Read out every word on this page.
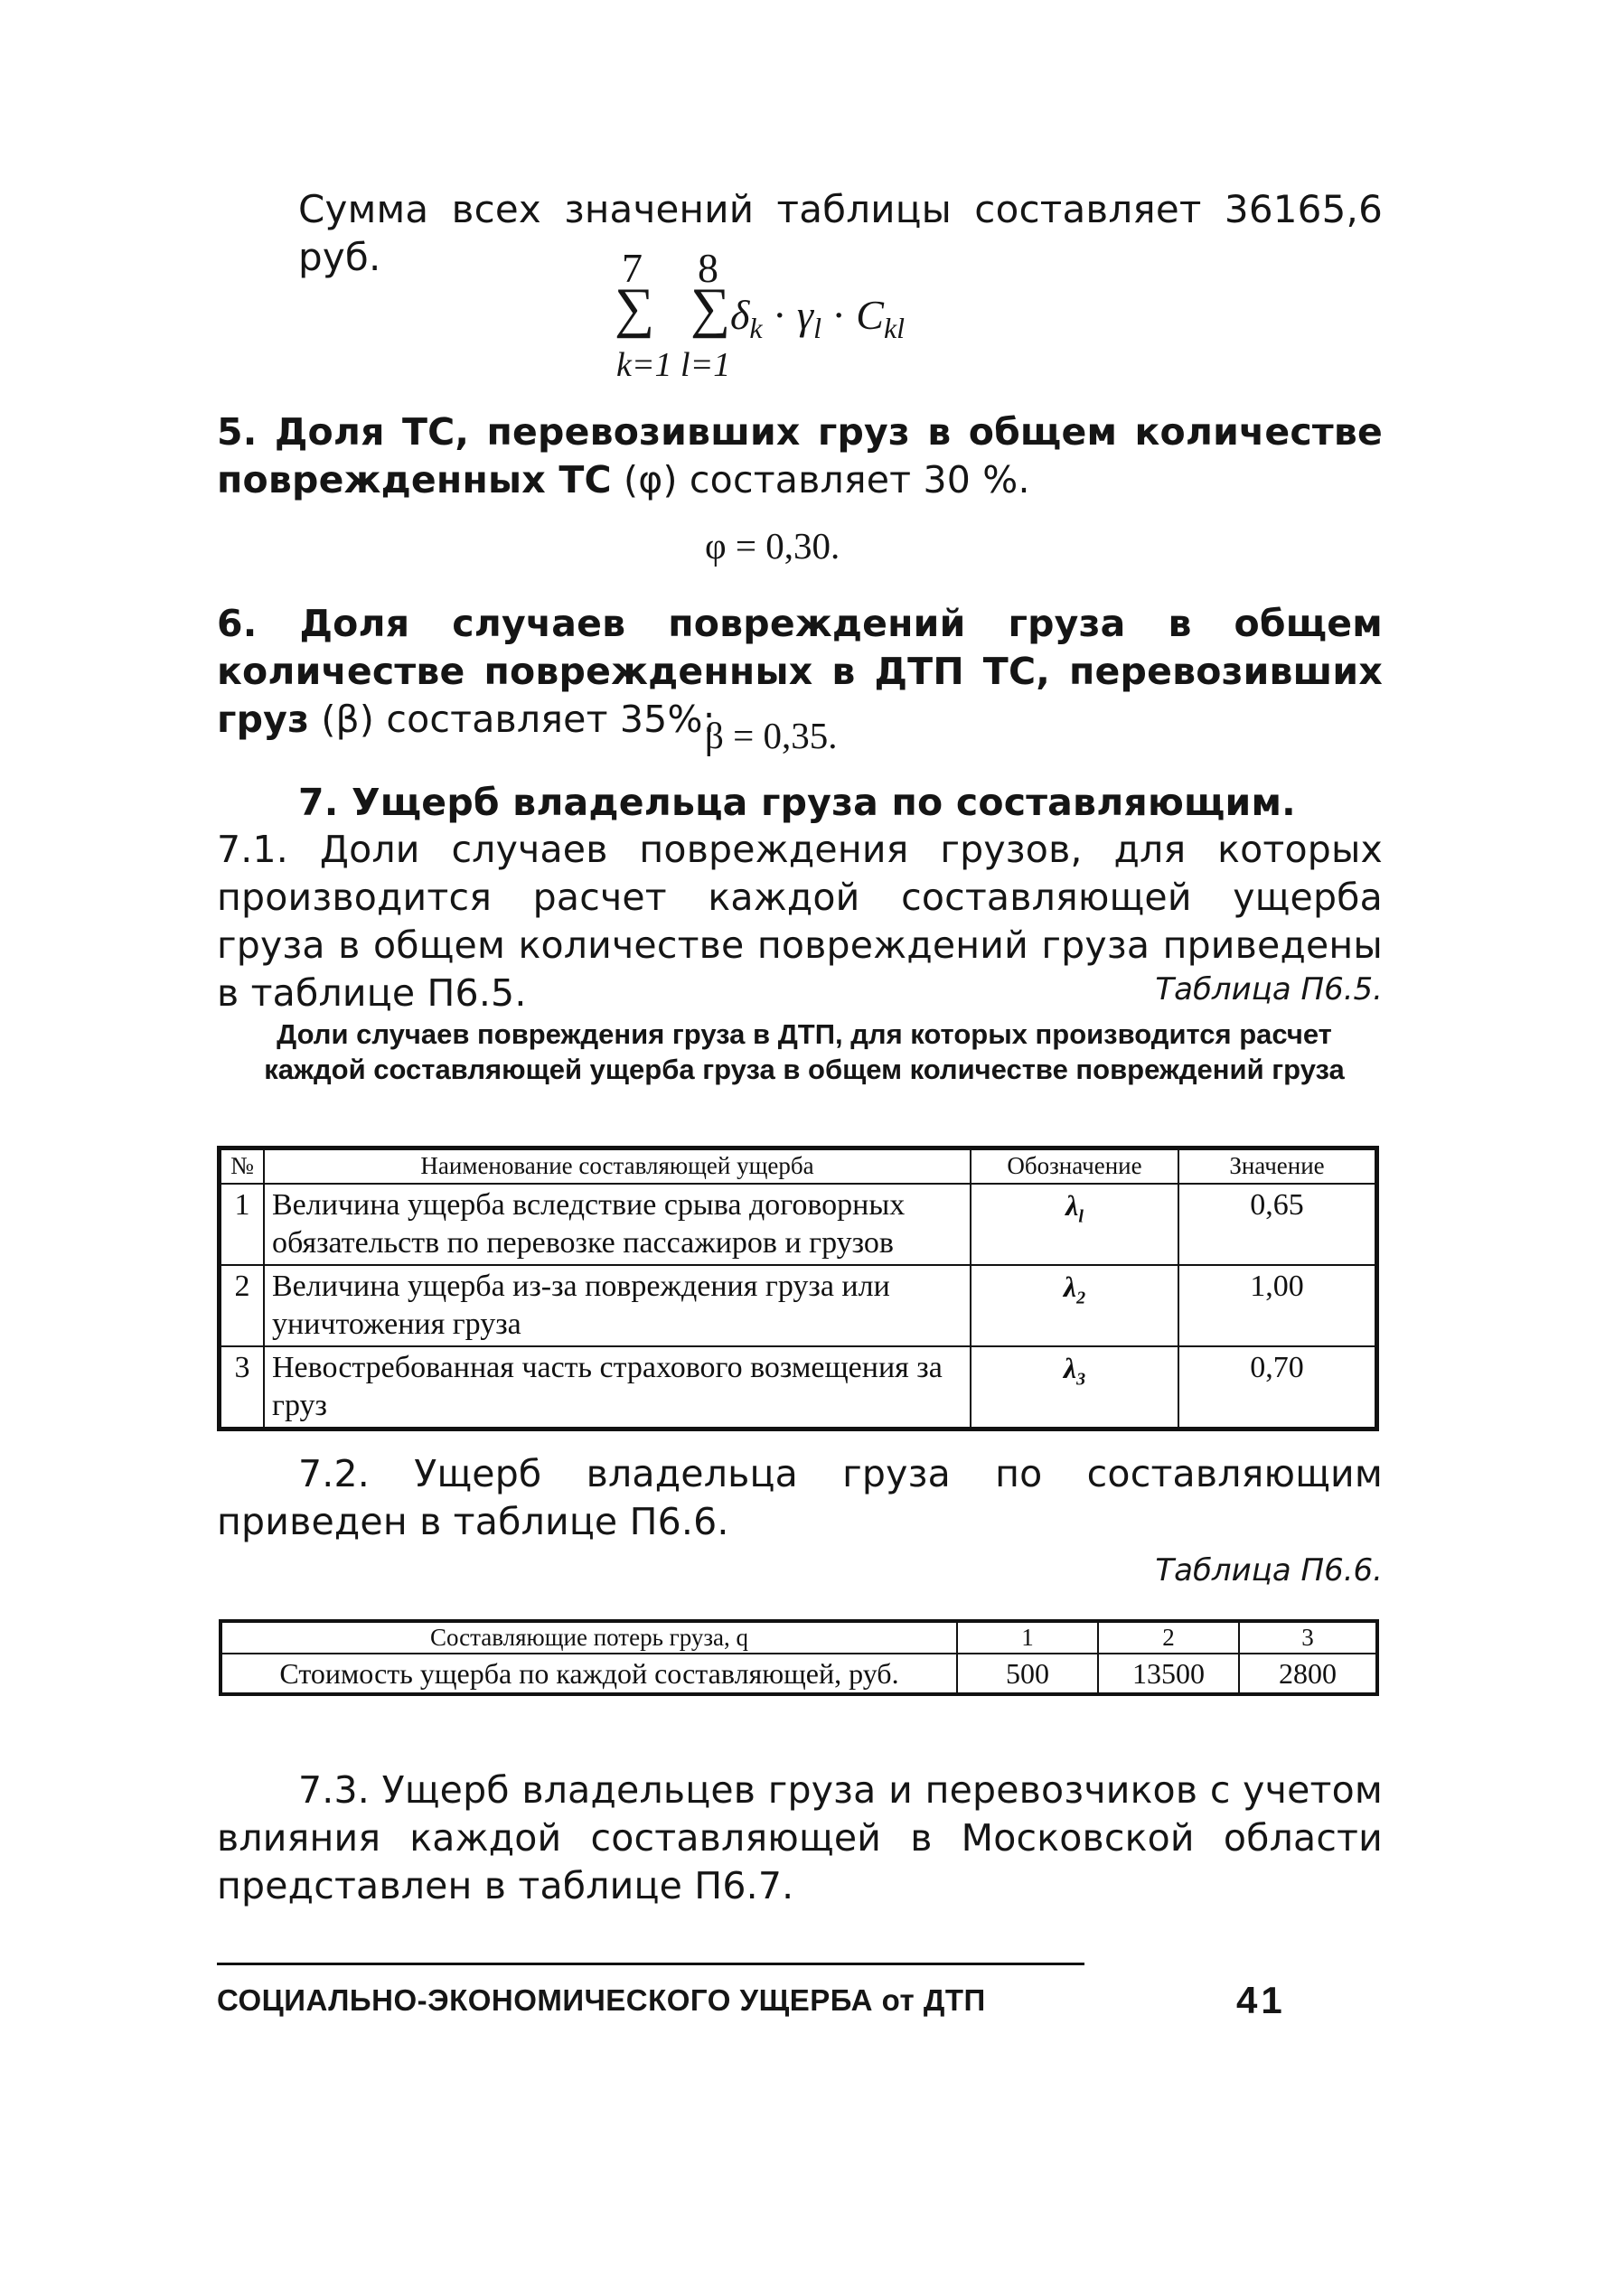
Сумма всех значений таблицы составляет 36165,6 руб.	7 8
∑ ∑ $\delta_k \cdot \gamma_l \cdot C_{kl}$
k=1 l=1
5. Доля ТС, перевозивших груз в общем количестве поврежденных ТС (φ) составляет 30 %.
φ = 0,30.
6. Доля случаев повреждений груза в общем количестве поврежденных в ДТП ТС, перевозивших груз (β) составляет 35%:
β = 0,35.
7. Ущерб владельца груза по составляющим.
7.1. Доли случаев повреждения грузов, для которых производится расчет каждой составляющей ущерба груза в общем количестве повреждений груза приведены в таблице П6.5.	Таблица П6.5.
Доли случаев повреждения груза в ДТП, для которых производится расчет каждой составляющей ущерба груза в общем количестве повреждений груза
№	Наименование составляющей ущерба	Обозначение	Значение
1	Величина ущерба вследствие срыва договорных обязательств по перевозке пассажиров и грузов	$\lambda_l$	0,65
2	Величина ущерба из-за повреждения груза или уничтожения груза	$\lambda_2$	1,00
3	Невостребованная часть страхового возмещения за груз	$\lambda_3$	0,70
7.2. Ущерб владельца груза по составляющим приведен в таблице П6.6.
Таблица П6.6.
Составляющие потерь груза, q	1	2	3
Стоимость ущерба по каждой составляющей, руб.	500	13500	2800
7.3. Ущерб владельцев груза и перевозчиков с учетом влияния каждой составляющей в Московской области представлен в таблице П6.7.
СОЦИАЛЬНО-ЭКОНОМИЧЕСКОГО УЩЕРБА от ДТП	41
